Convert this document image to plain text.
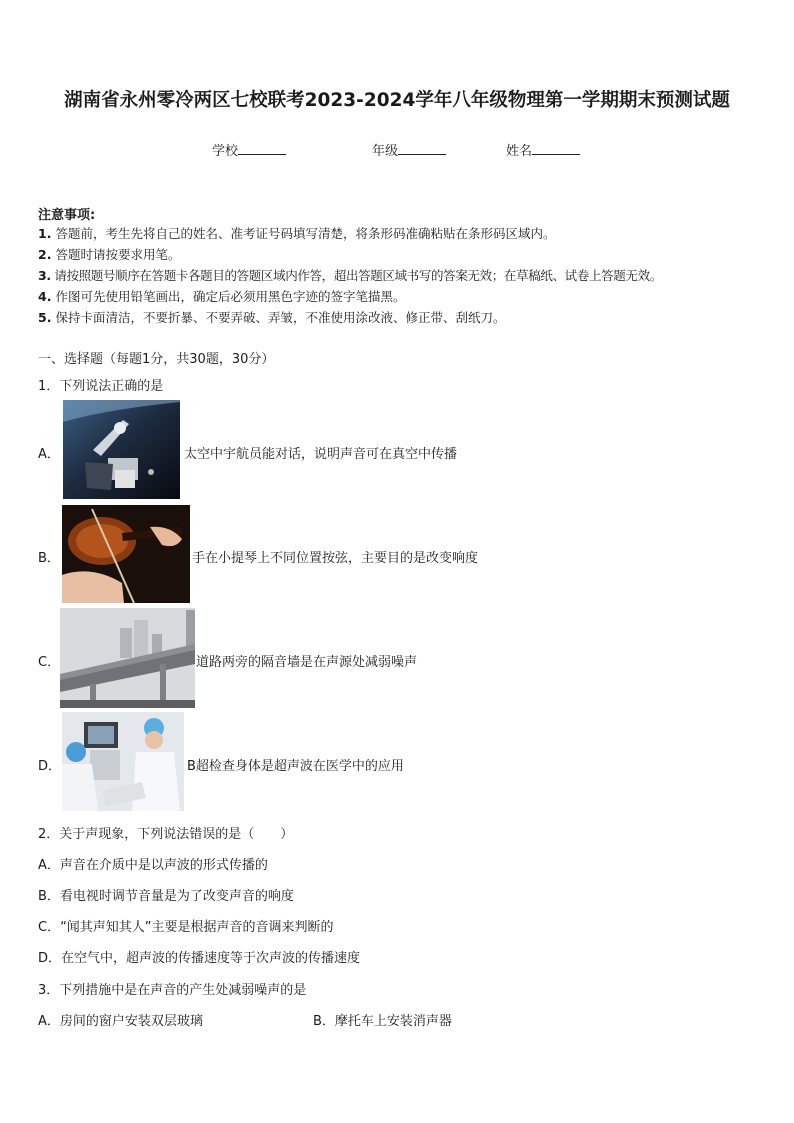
湖南省永州零冷两区七校联考2023-2024学年八年级物理第一学期期末预测试题
学校	年级	姓名
注意事项:
1. 答题前，考生先将自己的姓名、准考证号码填写清楚，将条形码准确粘贴在条形码区域内。
2. 答题时请按要求用笔。
3. 请按照题号顺序在答题卡各题目的答题区域内作答，超出答题区域书写的答案无效；在草稿纸、试卷上答题无效。
4. 作图可先使用铅笔画出，确定后必须用黑色字迹的签字笔描黑。
5. 保持卡面清洁，不要折暴、不要弄破、弄皱，不准使用涂改液、修正带、刮纸刀。
一、选择题（每题1分，共30题，30分）
1．下列说法正确的是
A．	太空中宇航员能对话，说明声音可在真空中传播
B．	手在小提琴上不同位置按弦，主要目的是改变响度
C．	道路两旁的隔音墙是在声源处减弱噪声
D．	B超检查身体是超声波在医学中的应用
2．关于声现象，下列说法错误的是（　　）
A．声音在介质中是以声波的形式传播的
B．看电视时调节音量是为了改变声音的响度
C．“闻其声知其人”主要是根据声音的音调来判断的
D．在空气中，超声波的传播速度等于次声波的传播速度
3．下列措施中是在声音的产生处减弱噪声的是
A．房间的窗户安装双层玻璃	B．摩托车上安装消声器
